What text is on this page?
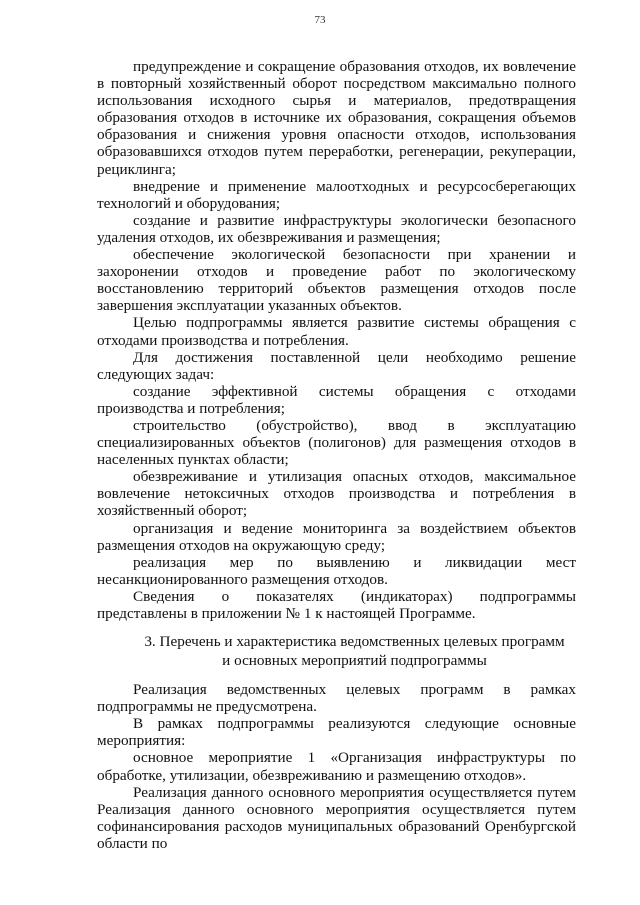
73

предупреждение и сокращение образования отходов, их вовлечение в повторный хозяйственный оборот посредством максимально полного использования исходного сырья и материалов, предотвращения образования отходов в источнике их образования, сокращения объемов образования и снижения уровня опасности отходов, использования образовавшихся отходов путем переработки, регенерации, рекуперации, рециклинга;

внедрение и применение малоотходных и ресурсосберегающих технологий и оборудования;

создание и развитие инфраструктуры экологически безопасного удаления отходов, их обезвреживания и размещения;

обеспечение экологической безопасности при хранении и захоронении отходов и проведение работ по экологическому восстановлению территорий объектов размещения отходов после завершения эксплуатации указанных объектов.

Целью подпрограммы является развитие системы обращения с отходами производства и потребления.

Для достижения поставленной цели необходимо решение следующих задач:

создание эффективной системы обращения с отходами производства и потребления;

строительство (обустройство), ввод в эксплуатацию специализированных объектов (полигонов) для размещения отходов в населенных пунктах области;

обезвреживание и утилизация опасных отходов, максимальное вовлечение нетоксичных отходов производства и потребления в хозяйственный оборот;

организация и ведение мониторинга за воздействием объектов размещения отходов на окружающую среду;

реализация мер по выявлению и ликвидации мест несанкционированного размещения отходов.

Сведения о показателях (индикаторах) подпрограммы представлены в приложении № 1 к настоящей Программе.

3. Перечень и характеристика ведомственных целевых программ
и основных мероприятий подпрограммы

Реализация ведомственных целевых программ в рамках подпрограммы не предусмотрена.

В рамках подпрограммы реализуются следующие основные мероприятия:

основное мероприятие 1 «Организация инфраструктуры по обработке, утилизации, обезвреживанию и размещению отходов».

Реализация данного основного мероприятия осуществляется путем Реализация данного основного мероприятия осуществляется путем софинансирования расходов муниципальных образований Оренбургской области по
